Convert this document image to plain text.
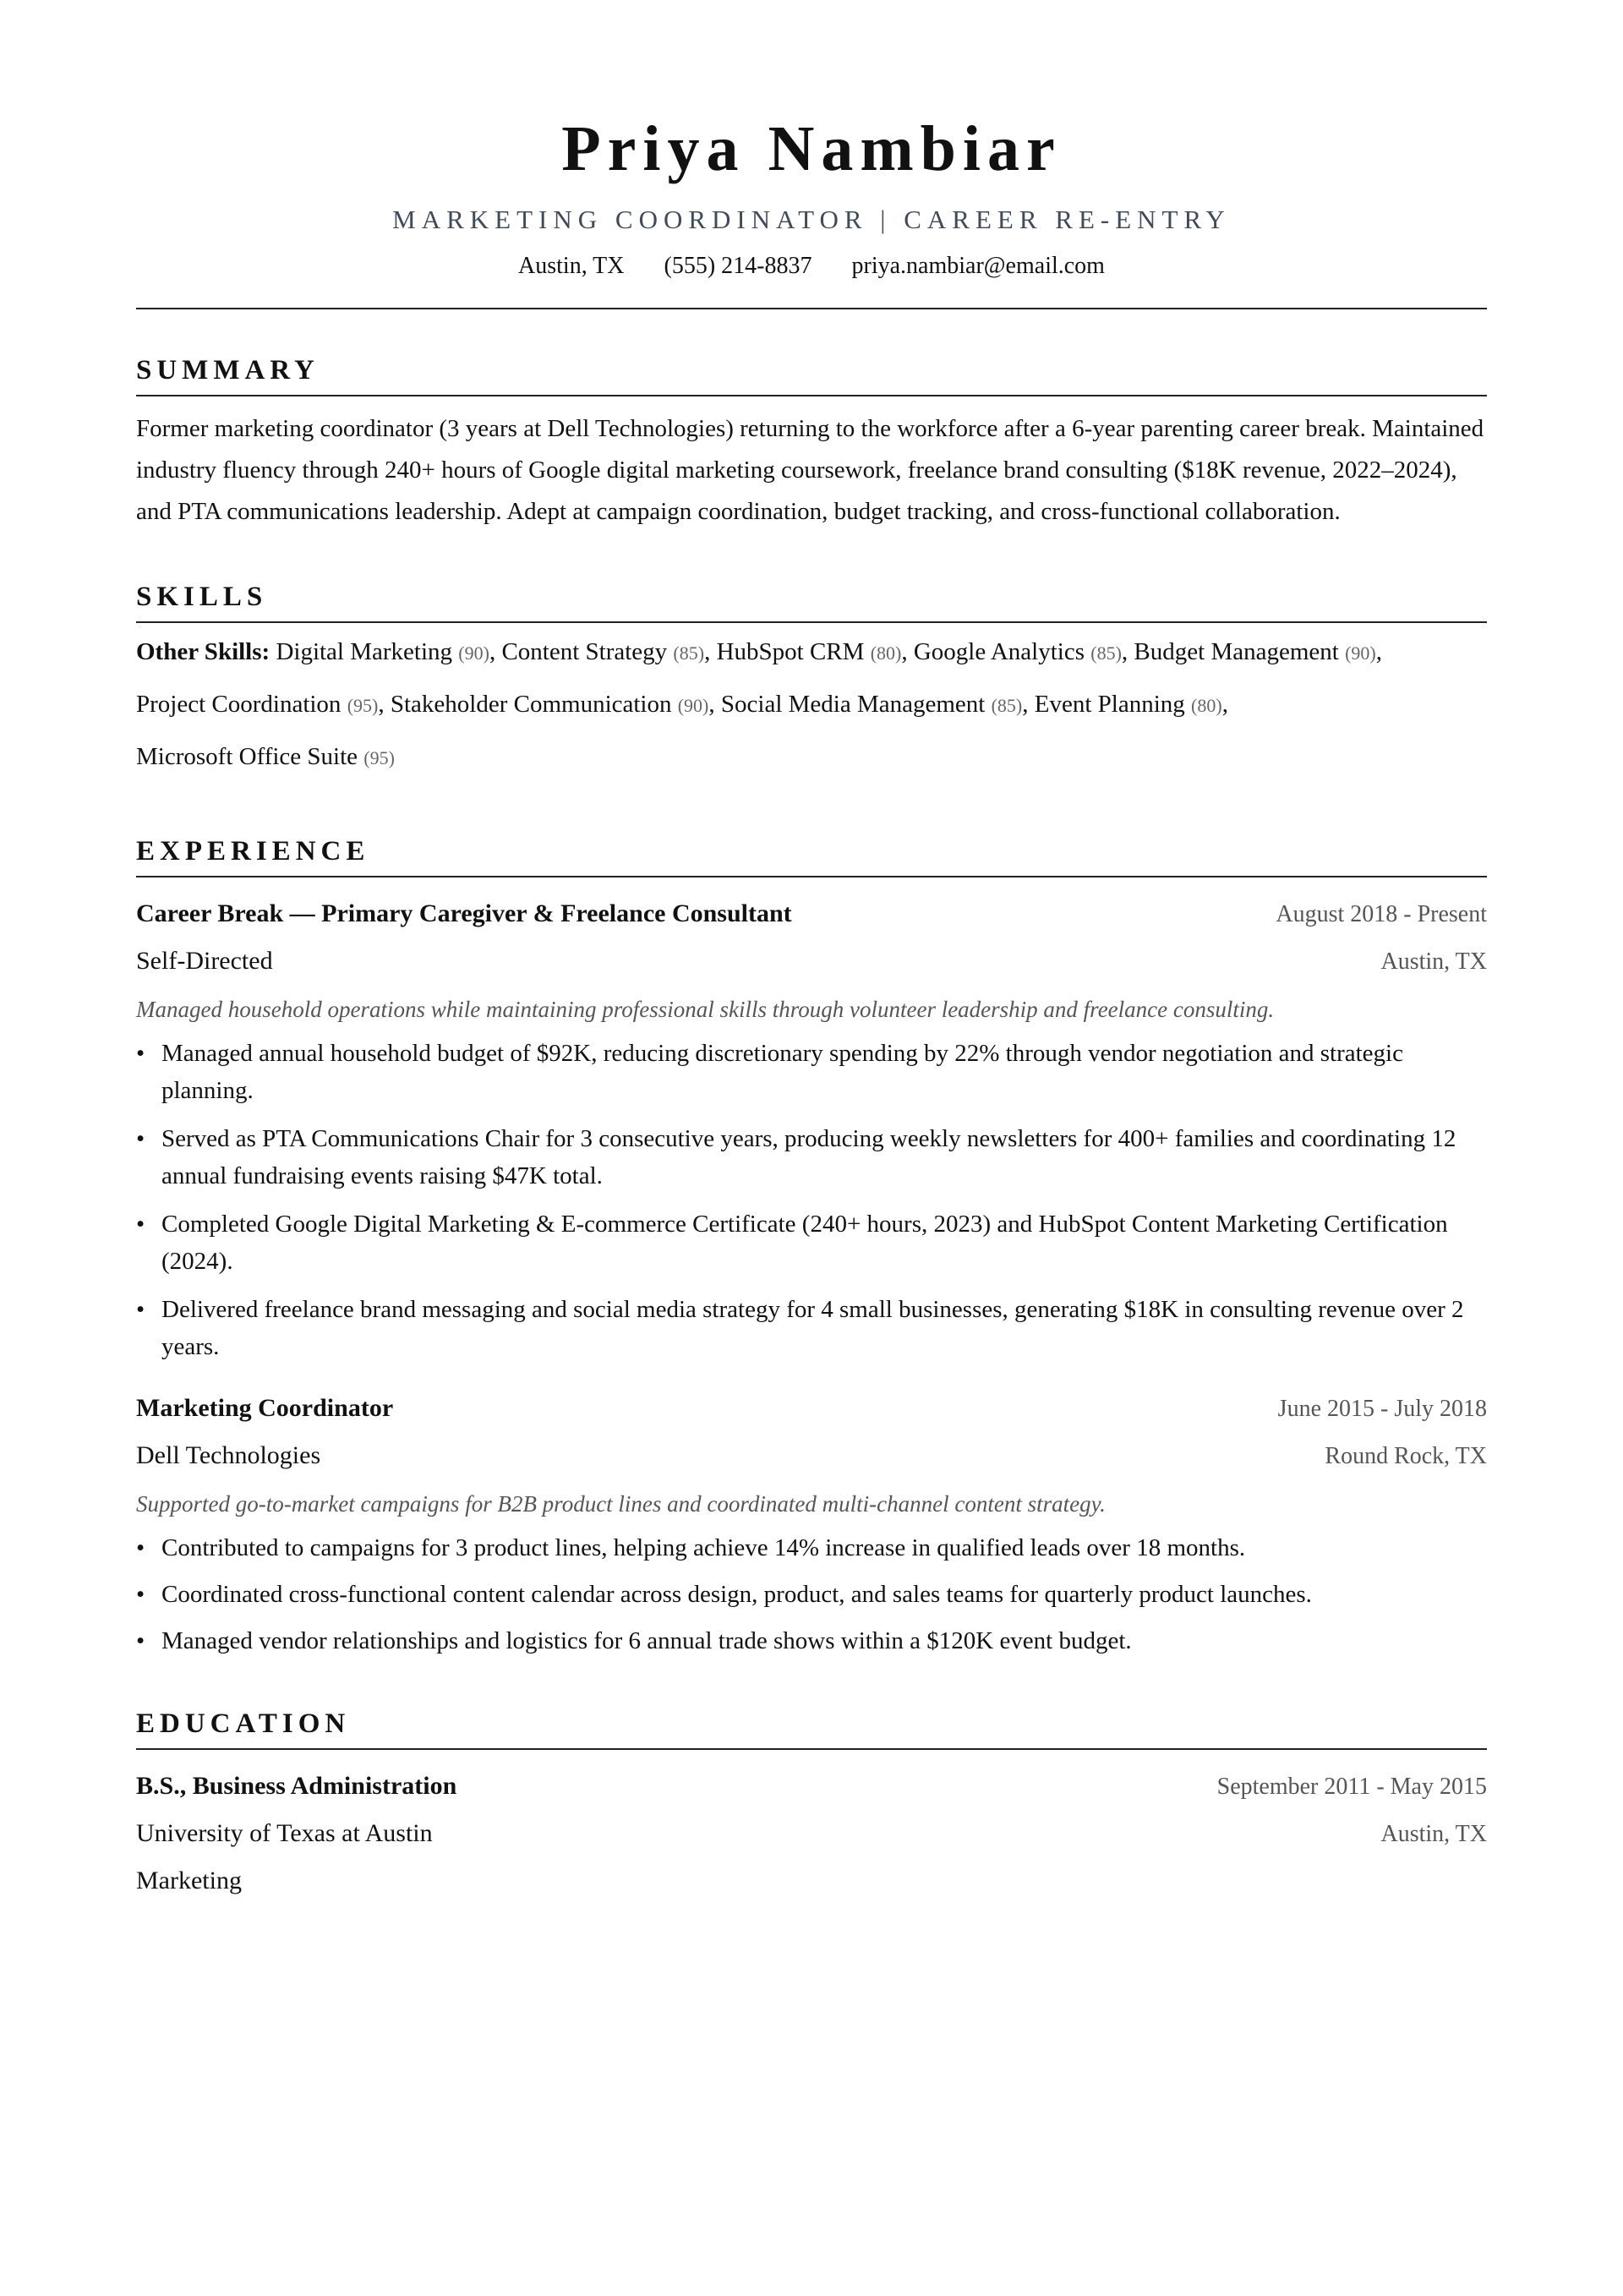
Priya Nambiar
MARKETING COORDINATOR | CAREER RE-ENTRY
Austin, TX (555) 214-8837 priya.nambiar@email.com
SUMMARY

Former marketing coordinator (3 years at Dell Technologies) returning to the workforce after a 6-year parenting career break. Maintained industry fluency through 240+ hours of Google digital marketing coursework, freelance brand consulting ($18K revenue, 2022–2024), and PTA communications leadership. Adept at campaign coordination, budget tracking, and cross-functional collaboration.

SKILLS
Other Skills: Digital Marketing (90), Content Strategy (85), HubSpot CRM (80), Google Analytics (85), Budget Management (90),
Project Coordination (95), Stakeholder Communication (90), Social Media Management (85), Event Planning (80),
Microsoft Office Suite (95)
EXPERIENCE
Career Break — Primary Caregiver & Freelance Consultant	August 2018 - Present
Self-Directed	Austin, TX
Managed household operations while maintaining professional skills through volunteer leadership and freelance consulting.
• Managed annual household budget of $92K, reducing discretionary spending by 22% through vendor negotiation and strategic planning.
• Served as PTA Communications Chair for 3 consecutive years, producing weekly newsletters for 400+ families and coordinating 12 annual fundraising events raising $47K total.
• Completed Google Digital Marketing & E-commerce Certificate (240+ hours, 2023) and HubSpot Content Marketing Certification (2024).
• Delivered freelance brand messaging and social media strategy for 4 small businesses, generating $18K in consulting revenue over 2 years.
Marketing Coordinator	June 2015 - July 2018
Dell Technologies	Round Rock, TX
Supported go-to-market campaigns for B2B product lines and coordinated multi-channel content strategy.
• Contributed to campaigns for 3 product lines, helping achieve 14% increase in qualified leads over 18 months.
• Coordinated cross-functional content calendar across design, product, and sales teams for quarterly product launches.
• Managed vendor relationships and logistics for 6 annual trade shows within a $120K event budget.
EDUCATION
B.S., Business Administration	September 2011 - May 2015
University of Texas at Austin	Austin, TX
Marketing
